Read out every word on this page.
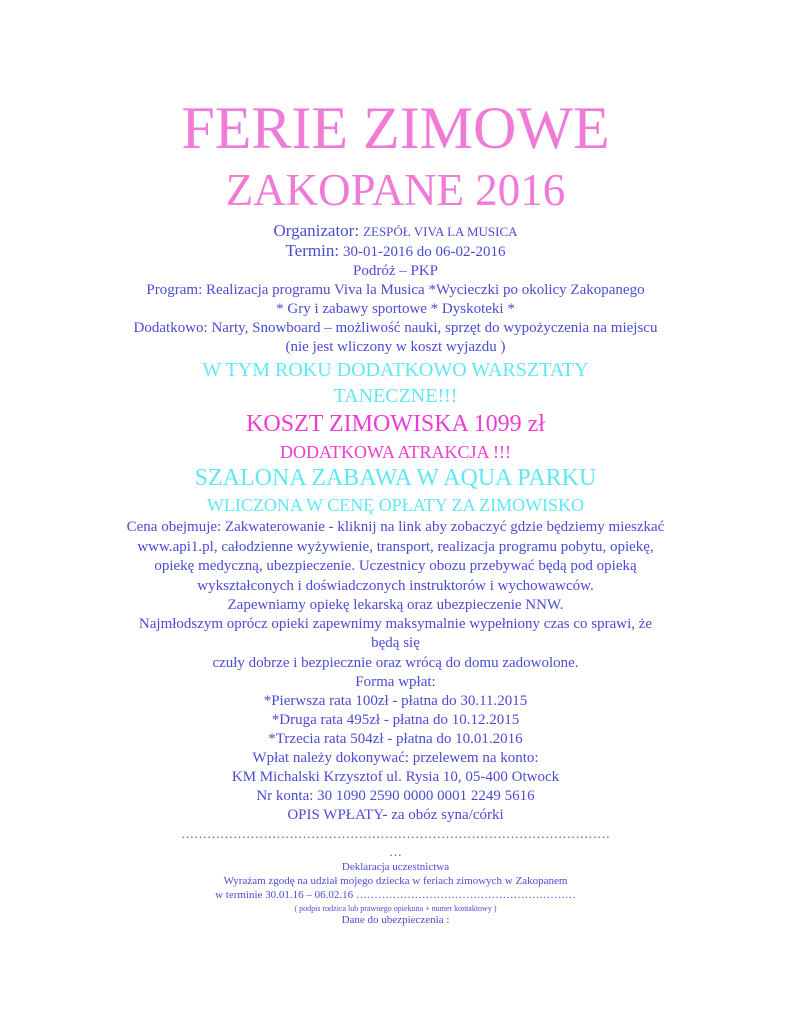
FERIE ZIMOWE
ZAKOPANE 2016
Organizator: ZESPÓŁ VIVA LA MUSICA
Termin: 30-01-2016 do 06-02-2016
Podróż – PKP
Program: Realizacja programu Viva la Musica *Wycieczki po okolicy Zakopanego
* Gry i zabawy sportowe * Dyskoteki *
Dodatkowo: Narty, Snowboard – możliwość nauki, sprzęt do wypożyczenia na miejscu
(nie jest wliczony w koszt wyjazdu )
W TYM ROKU DODATKOWO WARSZTATY
TANECZNE!!!
KOSZT ZIMOWISKA 1099 zł
DODATKOWA ATRAKCJA !!!
SZALONA ZABAWA W AQUA PARKU
WLICZONA W CENĘ OPŁATY ZA ZIMOWISKO
Cena obejmuje: Zakwaterowanie - kliknij na link aby zobaczyć gdzie będziemy mieszkać
www.api1.pl, całodzienne wyżywienie, transport, realizacja programu pobytu, opiekę,
opiekę medyczną, ubezpieczenie. Uczestnicy obozu przebywać będą pod opieką
wykształconych i doświadczonych instruktorów i wychowawców.
Zapewniamy opiekę lekarską oraz ubezpieczenie NNW.
Najmłodszym oprócz opieki zapewnimy maksymalnie wypełniony czas co sprawi, że
będą się
czuły dobrze i bezpiecznie oraz wrócą do domu zadowolone.
Forma wpłat:
*Pierwsza rata 100zł - płatna do 30.11.2015
*Druga rata 495zł - płatna do 10.12.2015
*Trzecia rata 504zł - płatna do 10.01.2016
Wpłat należy dokonywać: przelewem na konto:
KM Michalski Krzysztof ul. Rysia 10, 05-400 Otwock
Nr konta: 30 1090 2590 0000 0001 2249 5616
OPIS WPŁATY- za obóz syna/córki
………………………………………………………………………………………
…
Deklaracja uczestnictwa
Wyrażam zgodę na udział mojego dziecka w feriach zimowych w Zakopanem
w terminie 30.01.16 – 06.02.16 ……………………………………………………
( podpis rodzica lub prawnego opiekuna + numer kontaktowy )
Dane do ubezpieczenia :
